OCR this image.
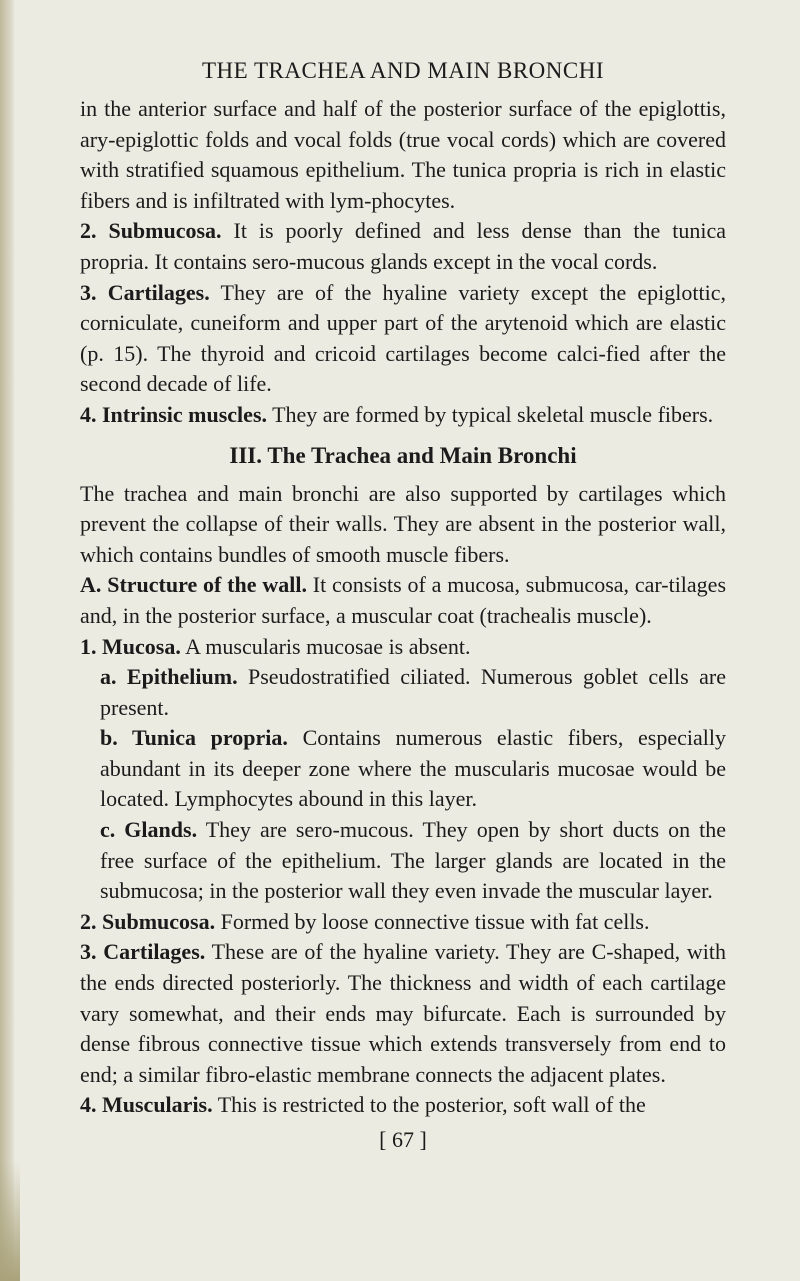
THE TRACHEA AND MAIN BRONCHI

in the anterior surface and half of the posterior surface of the epiglottis, ary-epiglottic folds and vocal folds (true vocal cords) which are covered with stratified squamous epithelium. The tunica propria is rich in elastic fibers and is infiltrated with lym-phocytes.

2. Submucosa. It is poorly defined and less dense than the tunica propria. It contains sero-mucous glands except in the vocal cords.

3. Cartilages. They are of the hyaline variety except the epiglottic, corniculate, cuneiform and upper part of the arytenoid which are elastic (p. 15). The thyroid and cricoid cartilages become calci-fied after the second decade of life.

4. Intrinsic muscles. They are formed by typical skeletal muscle fibers.

III. The Trachea and Main Bronchi

The trachea and main bronchi are also supported by cartilages which prevent the collapse of their walls. They are absent in the posterior wall, which contains bundles of smooth muscle fibers.

A. Structure of the wall. It consists of a mucosa, submucosa, car-tilages and, in the posterior surface, a muscular coat (trachealis muscle).

1. Mucosa. A muscularis mucosae is absent.

a. Epithelium. Pseudostratified ciliated. Numerous goblet cells are present.

b. Tunica propria. Contains numerous elastic fibers, especially abundant in its deeper zone where the muscularis mucosae would be located. Lymphocytes abound in this layer.

c. Glands. They are sero-mucous. They open by short ducts on the free surface of the epithelium. The larger glands are located in the submucosa; in the posterior wall they even invade the muscular layer.

2. Submucosa. Formed by loose connective tissue with fat cells.

3. Cartilages. These are of the hyaline variety. They are C-shaped, with the ends directed posteriorly. The thickness and width of each cartilage vary somewhat, and their ends may bifurcate. Each is surrounded by dense fibrous connective tissue which extends transversely from end to end; a similar fibro-elastic membrane connects the adjacent plates.

4. Muscularis. This is restricted to the posterior, soft wall of the

[ 67 ]
